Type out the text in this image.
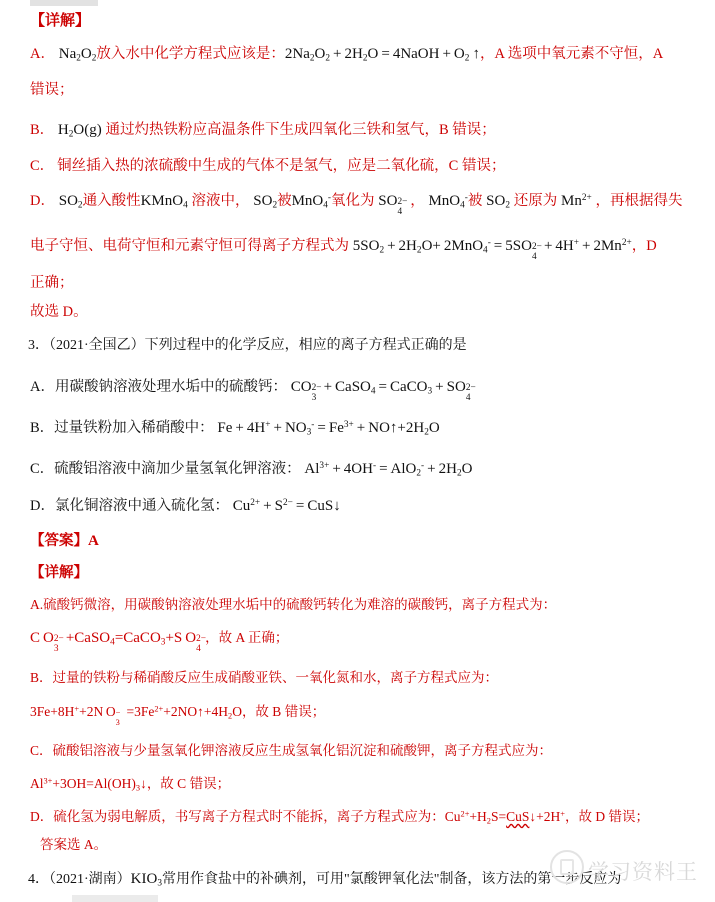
【详解】
A． $Na_2O_2$放入水中化学方程式应该是：$2Na_2O_2 + 2H_2O$ = 4NaOH + $O_2$  ↑ ，A 选项中氧元素不守恒，A
错误；
B． $H_2O(g)$ 通过灼热铁粉应高温条件下生成四氧化三铁和氢气，B 错误；
C． 铜丝插入热的浓硫酸中生成的气体不是氢气，应是二氧化硫，C 错误；
D． $SO_2$通入酸性KMnO$_4$ 溶液中， $SO_2$被MnO$_4$-氧化为 SO 2−
4
， MnO$_4$-被 $SO_2$ 还原为 $Mn^{2+}$ ，再根据得失
电子守恒、电荷守恒和元素守恒可得离子方程式为 $5SO_2 + 2H_2O+ 2MnO_4^- = 5SO$ 2−
4
 + $4H^+ + 2Mn^{2+}$，D
正确；
故选 D。
3．（2021·全国乙）下列过程中的化学反应，相应的离子方程式正确的是
A．用碳酸钠溶液处理水垢中的硫酸钙： CO 2−
3
 + CaSO$_4$ = CaCO$_3$ + SO 2−
4
B．过量铁粉加入稀硝酸中： $Fe + 4H^+ + NO_3^- = Fe^{3+}$ + NO ↑ $+2H_2O$
C．硫酸铝溶液中滴加少量氢氧化钾溶液： $Al^{3+} + 4OH^- = AlO_2^- + 2H_2O$
D．氯化铜溶液中通入硫化氢： $Cu^{2+} + S^{2-}$ = CuS ↓
【答案】A
【详解】
A.硫酸钙微溶，用碳酸钠溶液处理水垢中的硫酸钙转化为难溶的碳酸钙，离子方程式为：
C O 2−
3
 +CaSO$_4$=CaCO$_3$+S O 2−
4
，故 A 正确；
B．过量的铁粉与稀硝酸反应生成硝酸亚铁、一氧化氮和水，离子方程式应为：
3Fe+8H++2N O −
3
 $=3Fe^{2+}+2NO$ ↑ $+4H_2O$，故 B 错误；
C．硫酸铝溶液与少量氢氧化钾溶液反应生成氢氧化铝沉淀和硫酸钾，离子方程式应为：
$Al^{3+}+3OH=Al(OH)_3$ ↓ ，故 C 错误；
D．硫化氢为弱电解质，书写离子方程式时不能拆，离子方程式应为：$Cu^{2+}+H_2S=CuS$ ↓ +2H+，故 D 错误；
答案选 A。
4．（2021·湖南）$KIO_3$常用作食盐中的补碘剂，可用"氯酸钾氧化法"制备，该方法的第一步反应为
学习资料王
